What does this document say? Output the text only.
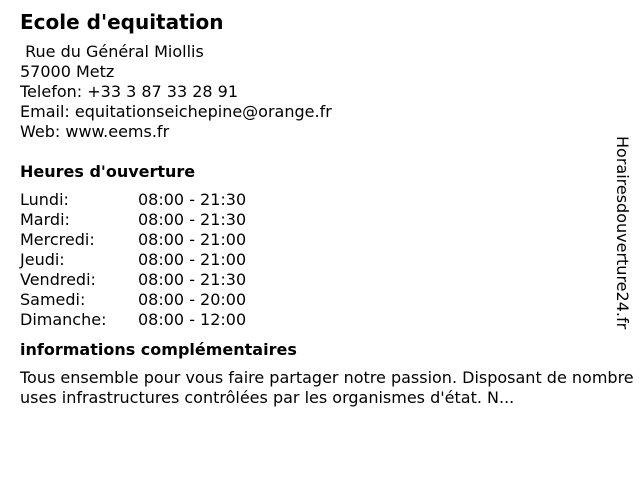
Ecole d'equitation
Rue du Général Miollis
57000 Metz
Telefon: +33 3 87 33 28 91
Email: equitationseichepine@orange.fr
Web: www.eems.fr
Heures d'ouverture
Lundi:	08:00 - 21:30
Mardi:	08:00 - 21:30
Mercredi:	08:00 - 21:00
Jeudi:	08:00 - 21:00
Vendredi:	08:00 - 21:30
Samedi:	08:00 - 20:00
Dimanche:	08:00 - 12:00
informations complémentaires
Tous ensemble pour vous faire partager notre passion. Disposant de nombreuses infrastructures contrôlées par les organismes d'état. N...
Horairesdouverture24.fr
